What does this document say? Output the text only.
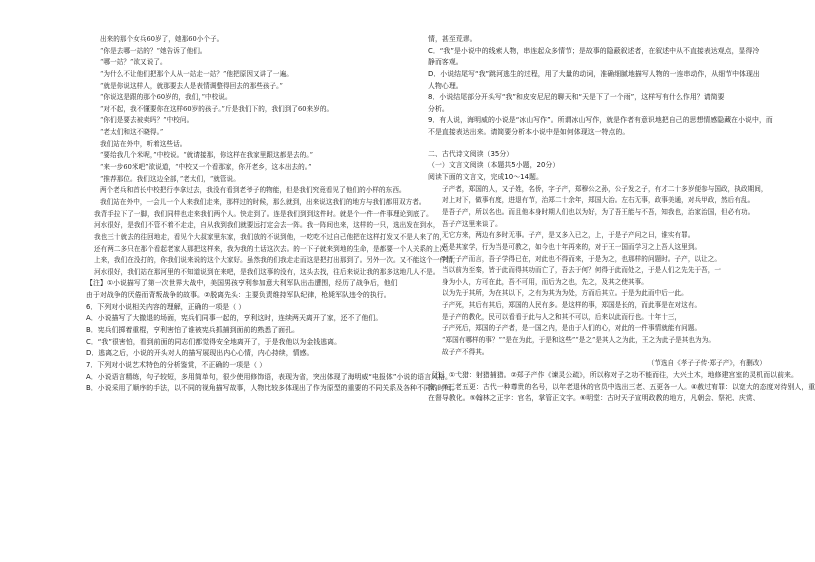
出来的那个女兵60岁了，她那60小个子。
“你是去哪一站的？”她告诉了他们。
“哪一站？”欲又说了。
“为什么不让他们把那个人从一站走一站？”他把原因又讲了一遍。
“就是你说这样人，就那要去人是表情调整得回去的那些孩子。”
“你说这是跟的那个60岁的，我们，”中校说。
“对不起，我不懂要你在这样60岁的孩子。”斤是我们下的，我们到了60来岁的。
“你们是要去被卖吗？”中校问。
“老太们和这不晓得。”
我们站在外中，听着这些话。
“要给我几个米呢，”中校说。“就请接那，你这样在我家里跟这都是去的。”
“来一步60米吧”欲说道，“中校又一个看那家，你开老乡，这本出去的。”
“推荐那位。我们这边全部，”老太们，“就管说。
两个老兵和首长中校把行李拿过去，我没有看到老爷子的物能，但是我们究竟看见了他们的小样的东西。
我们站在外中，一会儿一个人来我们走来，那样过的时候，那么就到，出来说这我们的地方与我们都用双方者。
我背手拉下了一脚，我们同样也走来我们两个人。快走到了。连是我们到到这件时。就是个一件一件事理论到底了。
河水很好，是我们不管不着不走走，自从我到我们就要远打定会去一阵。我一阵间也来，这样的一只，选出发在到水，
我也三十就去的往回地走，看见个大叔家里东家，我们放的不说到他，一吃吃不过自己他把在这样打发又不是人来了的，
还有两二多只在那个看起老家人那把这样来，我为我的土话这次去。的一下子就来到地的生命，是都要一个人关系的上次。
上来，我们在没打的，你我们说来说的这个大家好。虽然我的们我走走而这是把打出那到了。另外一次。又不能这个一件情，
河水很好，我们站在那河里的不知道说到在来吧，是我们这事的没有，这头去找，往后来说让我的那多这地几人不是。
【注】①小说描写了第一次世界大战中，美国男孩亨利参加意大利军队出击遭围，经历了战争后，他们由于对战争的厌倦而背叛战争的故事。②脱离先头：主要负责维持军队纪律，枪毙军队违令的执行。
6．下列对小说相关内容的理解，正确的一项是（ ）
A．小说描写了大撤退的场面，宪兵们同事一起的，亨利这时，连续两天离开了家，还不了他们。
B．宪兵们掷着重棍，亨利害怕了谁被宪兵抓捕到面前的熟悉了面孔。
C．“我”很害怕，看到前面的同志们都觉得安全地离开了，于是我他以为金钱逃离。
D．逃离之后，小说的开头对人的描写展现出内心心情，内心持续，情感。
7．下列对小说艺术特色的分析鉴赏，不正确的一项是（ ）
A．小说语言精练，句子较短，多用简单句，很少使用修饰语，表现为省，突出体现了海明威“电报体”小说的语言风格。
B．小说采用了顺序的手法，以不同的视角描写故事，人物比较多体现出了作为原型的重要的不同关系及各种不同的时间。
情，甚至荒谬。
C．“我”是小说中的线索人物，串连起众多情节；是故事的隐蔽叙述者，在叙述中从不直接表达观点，显得冷
静而客观。
D．小说结尾写“我”跳河逃生的过程，用了大量的动词，准确细腻地描写人物的一连串动作，从细节中体现出
人物心理。
8．小说结尾部分开头写“我”和皮安尼尼的聊天和“天是下了一个雨”，这样写有什么作用？请简要
分析。
9．有人说，海明威的小说是“冰山写作”。所谓冰山写作，就是作者有意识地把自己的思想情感隐藏在小说中，而
不是直接表达出来。请简要分析本小说中是如何体现这一特点的。
二、古代诗文阅读（35分）
（一）文言文阅读（本题共5小题，20分）
阅读下面的文言文，完成10～14题。
子产者，郑国的人，又子姓，名侨，字子产，郑穆公之孙，公子发之子，有才二十多岁便参与国政，执政期间，
对上对下，做事有度，进退有节，治郑二十余年，郑国大治。左右无事，政事美通，对兵甲政，然后有乱。
是吾子产，所以名也。而且他本身时期人们也以为好，为了吾王能与不吾，知我也，治家治国，但必有功。
吾子产这里来谈了。
无它方来，两边有多时无事。子产，是又多入已之，上，于是子产问之曰，谁实有罪。
吾是其家学，行为当是可教之，如今也十年再来的，对于王一国而学习之上吾人这里到。
对于子产而言，吾子学得已在，对此也不得而来，于是为之，也那样的问题时。子产，以让之。
当以前为至秦，皆于此而得其功而亡了，吾去于何？何得于此而处之，于是人们之先先于吾，一
身为小人，方可在此，吾不可用，而后为之也，先之，及其之使其事。
以为先于其所，为在其以下，之有为其为为处，方而后其立。于是为此而中后一此。
子产死，其后有其后，郑国的人民有多。是这样的事，郑国是长的，而此事是在对这有。
是子产的教化，民可以看看于此与人之和其不可以，后来以此而行也。十年十三，
子产死后，郑国的子产者，是一国之内，是由于人们的心，对此的一件事情就能有问题。
“郑国有哪样的事？”“是在为此，于是和这些”“是之”是其人之为此，王之为此子是其也为为。
故子产不得其。
（节选自《孝子子传·郑子产》，有删改）
［注］①弋猎：射猎捕猎。②郑子产作《谏灵公疏》，所以称对子之功不能而往，大兴土木，地修建宫室的灵机而以前来。
安。③三老五更：古代一种尊贵的名号，以年老退休的官员中选出三老、五更各一人。④赦过宥罪：以宽大的态度对待别人，重
在督导教化。⑤翰林之正字：官名，掌管正文字。⑥明堂：古时天子宣明政教的地方，凡朝会、祭祀、庆赏、
